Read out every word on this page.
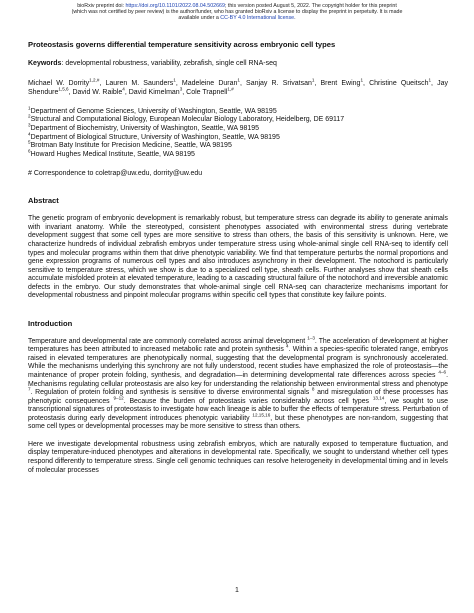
bioRxiv preprint doi: https://doi.org/10.1101/2022.08.04.502669; this version posted August 5, 2022. The copyright holder for this preprint
(which was not certified by peer review) is the author/funder, who has granted bioRxiv a license to display the preprint in perpetuity. It is made
available under a CC-BY 4.0 International license.

Proteostasis governs differential temperature sensitivity across embryonic cell types

Keywords: developmental robustness, variability, zebrafish, single cell RNA-seq

Michael W. Dorrity$^{1,2,\#}$, Lauren M. Saunders$^1$, Madeleine Duran$^1$, Sanjay R. Srivatsan$^1$, Brent Ewing$^1$, Christine Queitsch$^1$, Jay Shendure$^{1,5,6}$, David W. Raible$^4$, David Kimelman$^3$, Cole Trapnell$^{1,\#}$

$^1$Department of Genome Sciences, University of Washington, Seattle, WA 98195
$^2$Structural and Computational Biology, European Molecular Biology Laboratory, Heidelberg, DE 69117
$^3$Department of Biochemistry, University of Washington, Seattle, WA 98195
$^4$Department of Biological Structure, University of Washington, Seattle, WA 98195
$^5$Brotman Baty Institute for Precision Medicine, Seattle, WA 98195
$^6$Howard Hughes Medical Institute, Seattle, WA 98195

# Correspondence to coletrap@uw.edu, dorrity@uw.edu

Abstract

The genetic program of embryonic development is remarkably robust, but temperature stress can degrade its ability to generate animals with invariant anatomy. While the stereotyped, consistent phenotypes associated with environmental stress during vertebrate development suggest that some cell types are more sensitive to stress than others, the basis of this sensitivity is unknown. Here, we characterize hundreds of individual zebrafish embryos under temperature stress using whole-animal single cell RNA-seq to identify cell types and molecular programs within them that drive phenotypic variability. We find that temperature perturbs the normal proportions and gene expression programs of numerous cell types and also introduces asynchrony in their development. The notochord is particularly sensitive to temperature stress, which we show is due to a specialized cell type, sheath cells. Further analyses show that sheath cells accumulate misfolded protein at elevated temperature, leading to a cascading structural failure of the notochord and irreversible anatomic defects in the embryo. Our study demonstrates that whole-animal single cell RNA-seq can characterize mechanisms important for developmental robustness and pinpoint molecular programs within specific cell types that constitute key failure points.

Introduction

Temperature and developmental rate are commonly correlated across animal development $^{1-3}$. The acceleration of development at higher temperatures has been attributed to increased metabolic rate and protein synthesis $^4$. Within a species-specific tolerated range, embryos raised in elevated temperatures are phenotypically normal, suggesting that the developmental program is synchronously accelerated. While the mechanisms underlying this synchrony are not fully understood, recent studies have emphasized the role of proteostasis—the maintenance of proper protein folding, synthesis, and degradation—in determining developmental rate differences across species $^{4-6}$. Mechanisms regulating cellular proteostasis are also key for understanding the relationship between environmental stress and phenotype $^7$. Regulation of protein folding and synthesis is sensitive to diverse environmental signals $^8$ and misregulation of these processes has phenotypic consequences $^{9-12}$. Because the burden of proteostasis varies considerably across cell types $^{13,14}$, we sought to use transcriptional signatures of proteostasis to investigate how each lineage is able to buffer the effects of temperature stress. Perturbation of proteostasis during early development introduces phenotypic variability $^{12,15,16}$, but these phenotypes are non-random, suggesting that some cell types or developmental processes may be more sensitive to stress than others.

Here we investigate developmental robustness using zebrafish embryos, which are naturally exposed to temperature fluctuation, and display temperature-induced phenotypes and alterations in developmental rate. Specifically, we sought to understand whether cell types respond differently to temperature stress. Single cell genomic techniques can resolve heterogeneity in developmental timing and in levels of molecular processes

1
